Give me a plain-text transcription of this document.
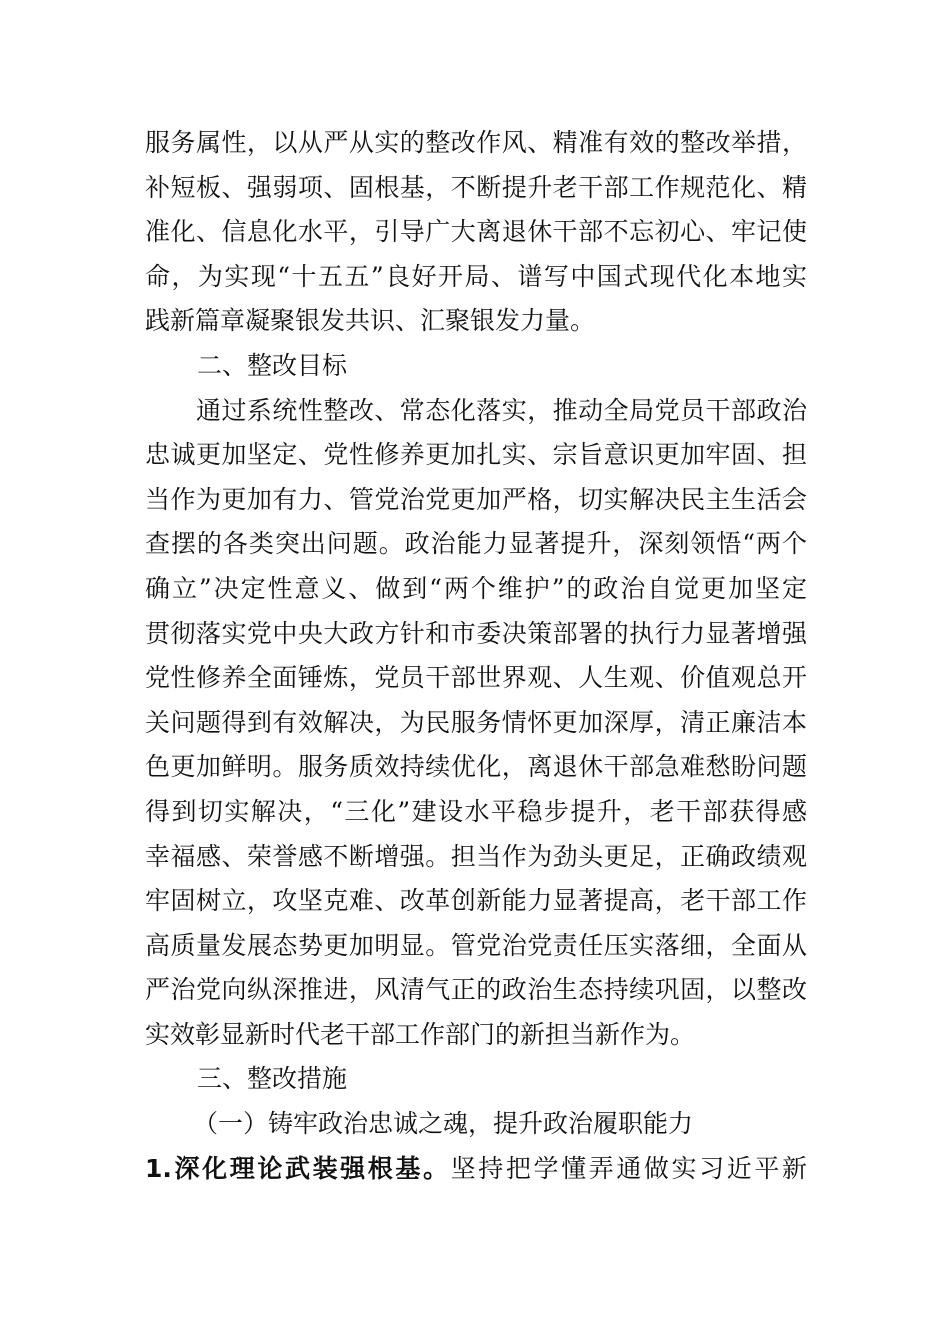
服务属性，以从严从实的整改作风、精准有效的整改举措，
补短板、强弱项、固根基，不断提升老干部工作规范化、精
准化、信息化水平，引导广大离退休干部不忘初心、牢记使
命，为实现“十五五”良好开局、谱写中国式现代化本地实
践新篇章凝聚银发共识、汇聚银发力量。
二、整改目标
　　通过系统性整改、常态化落实，推动全局党员干部政治
忠诚更加坚定、党性修养更加扎实、宗旨意识更加牢固、担
当作为更加有力、管党治党更加严格，切实解决民主生活会
查摆的各类突出问题。政治能力显著提升，深刻领悟“两个
确立”决定性意义、做到“两个维护”的政治自觉更加坚定
贯彻落实党中央大政方针和市委决策部署的执行力显著增强
党性修养全面锤炼，党员干部世界观、人生观、价值观总开
关问题得到有效解决，为民服务情怀更加深厚，清正廉洁本
色更加鲜明。服务质效持续优化，离退休干部急难愁盼问题
得到切实解决，“三化”建设水平稳步提升，老干部获得感
幸福感、荣誉感不断增强。担当作为劲头更足，正确政绩观
牢固树立，攻坚克难、改革创新能力显著提高，老干部工作
高质量发展态势更加明显。管党治党责任压实落细，全面从
严治党向纵深推进，风清气正的政治生态持续巩固，以整改
实效彰显新时代老干部工作部门的新担当新作为。
三、整改措施
（一）铸牢政治忠诚之魂，提升政治履职能力
1.深化理论武装强根基。坚持把学懂弄通做实习近平新
